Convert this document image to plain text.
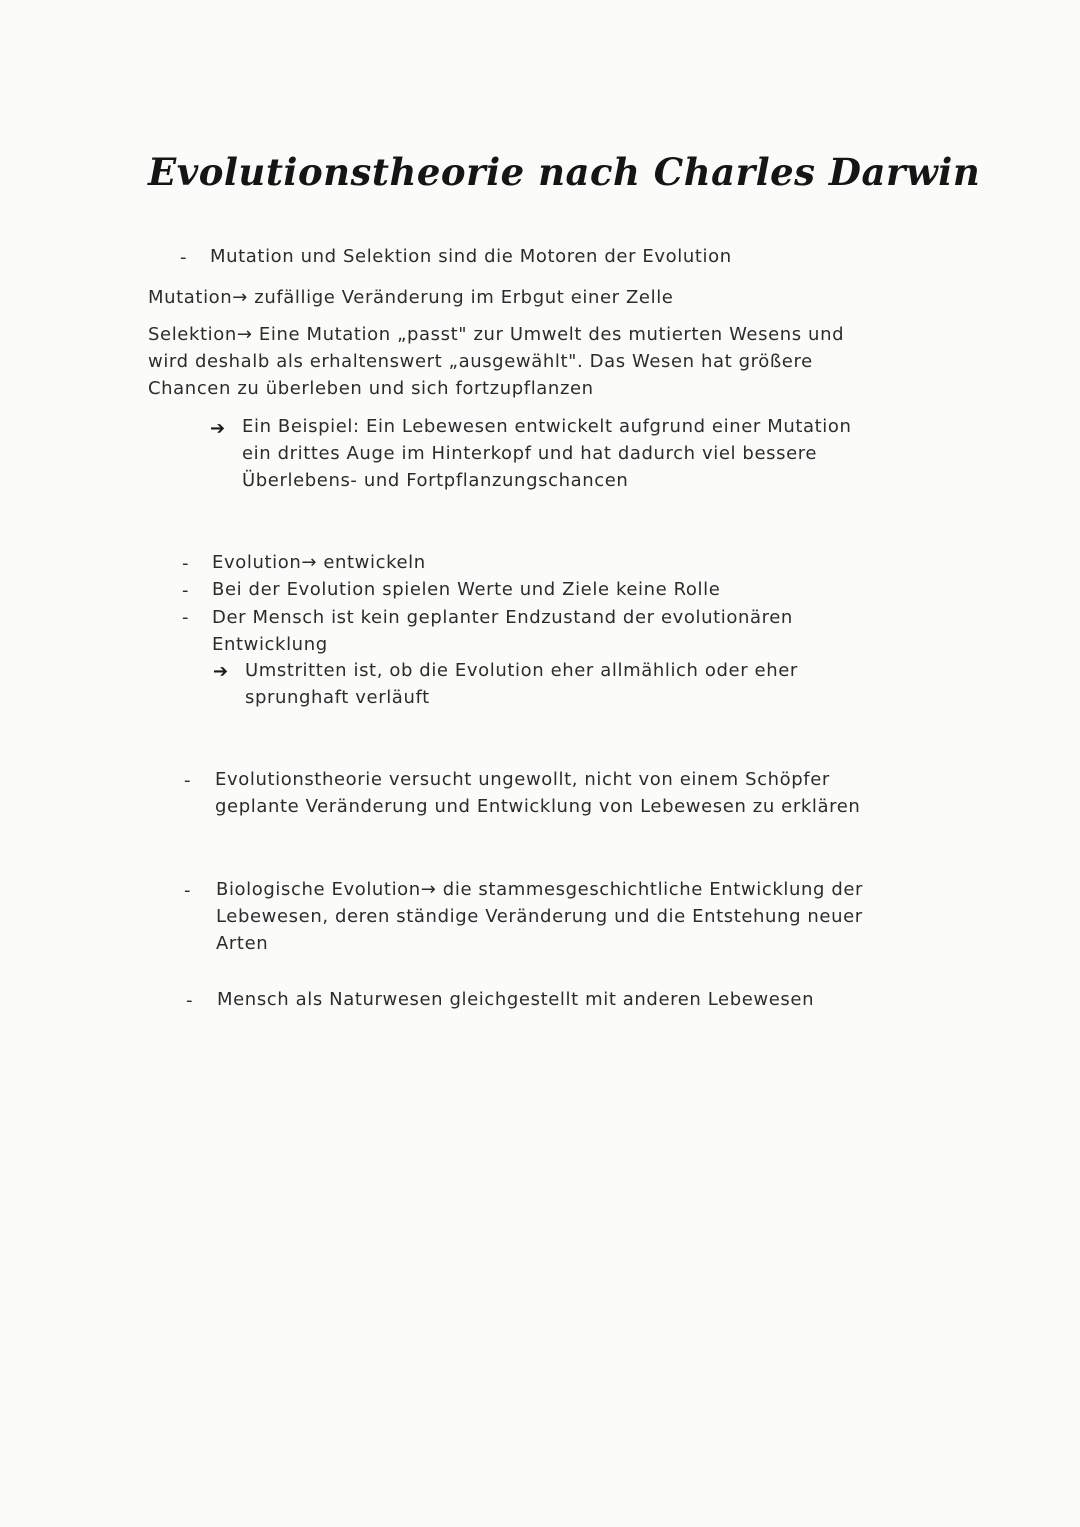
Evolutionstheorie nach Charles Darwin
- Mutation und Selektion sind die Motoren der Evolution
Mutation→ zufällige Veränderung im Erbgut einer Zelle
Selektion→ Eine Mutation „passt" zur Umwelt des mutierten Wesens und
wird deshalb als erhaltenswert „ausgewählt". Das Wesen hat größere
Chancen zu überleben und sich fortzupflanzen
➔ Ein Beispiel: Ein Lebewesen entwickelt aufgrund einer Mutation
ein drittes Auge im Hinterkopf und hat dadurch viel bessere
Überlebens- und Fortpflanzungschancen
- Evolution→ entwickeln
- Bei der Evolution spielen Werte und Ziele keine Rolle
- Der Mensch ist kein geplanter Endzustand der evolutionären
Entwicklung
➔ Umstritten ist, ob die Evolution eher allmählich oder eher
sprunghaft verläuft
- Evolutionstheorie versucht ungewollt, nicht von einem Schöpfer
geplante Veränderung und Entwicklung von Lebewesen zu erklären
- Biologische Evolution→ die stammesgeschichtliche Entwicklung der
Lebewesen, deren ständige Veränderung und die Entstehung neuer
Arten
- Mensch als Naturwesen gleichgestellt mit anderen Lebewesen
